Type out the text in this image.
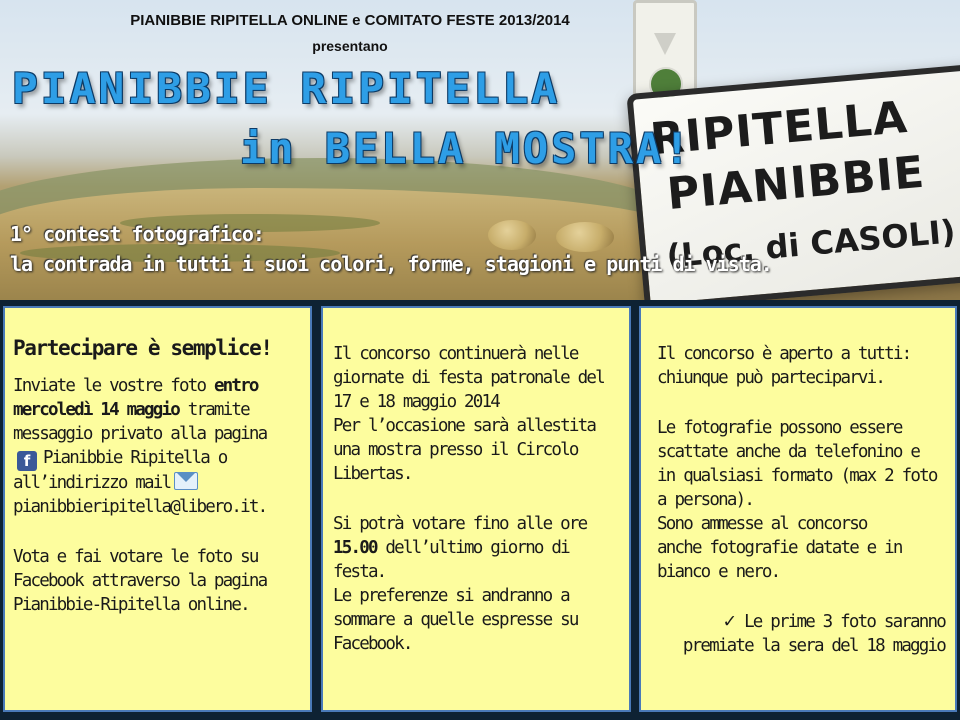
RIPITELLA
PIANIBBIE
(Loc. di CASOLI)
PIANIBBIE RIPITELLA ONLINE e COMITATO FESTE 2013/2014
presentano
PIANIBBIE RIPITELLA
in BELLA MOSTRA!
1° contest fotografico:
la contrada in tutti i suoi colori, forme, stagioni e punti di vista.

Partecipare è semplice!

Inviate le vostre foto entro

mercoledì 14 maggio tramite

messaggio privato alla pagina

f Pianibbie Ripitella o

all’indirizzo mail

pianibbieripitella@libero.it.

Vota e fai votare le foto su

Facebook attraverso la pagina

Pianibbie-Ripitella online.

Il concorso continuerà nelle

giornate di festa patronale del

17 e 18 maggio 2014

Per l’occasione sarà allestita

una mostra presso il Circolo

Libertas.

Si potrà votare fino alle ore

15.00 dell’ultimo giorno di

festa.

Le preferenze si andranno a

sommare a quelle espresse su

Facebook.

Il concorso è aperto a tutti:

chiunque può parteciparvi.

Le fotografie possono essere

scattate anche da telefonino e

in qualsiasi formato (max 2 foto

a persona).

Sono ammesse al concorso

anche fotografie datate e in

bianco e nero.

✓ Le prime 3 foto saranno

premiate la sera del 18 maggio
